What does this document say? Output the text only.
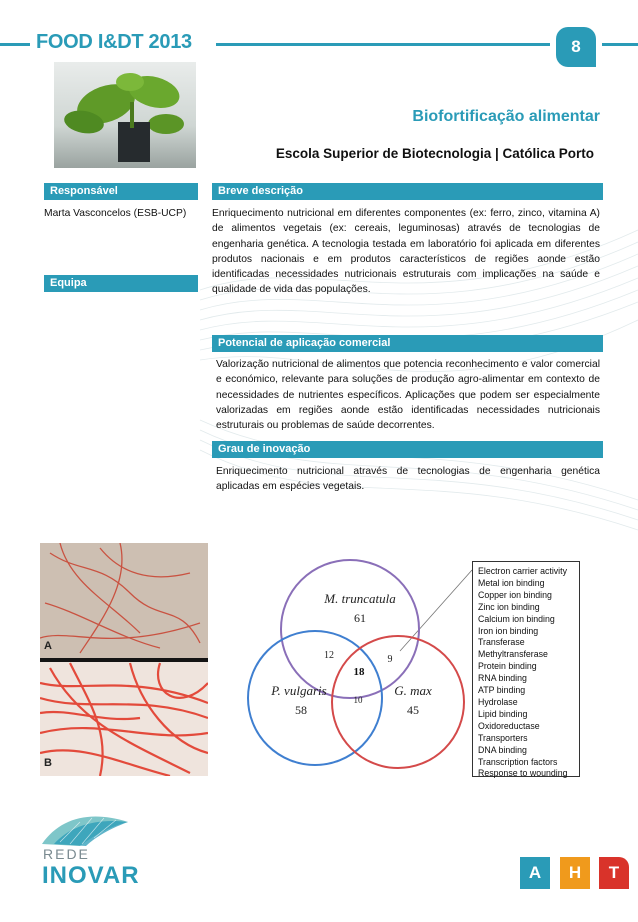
FOOD I&DT 2013	8
Biofortificação alimentar
Escola Superior de Biotecnologia | Católica Porto
Responsável
Marta Vasconcelos (ESB-UCP)
Equipa
Breve descrição
Enriquecimento nutricional em diferentes componentes (ex: ferro, zinco, vitamina A) de alimentos vegetais (ex: cereais, leguminosas) através de tecnologias de engenharia genética. A tecnologia testada em laboratório foi aplicada em diferentes produtos nacionais e em produtos característicos de regiões aonde estão identificadas necessidades nutricionais estruturais com implicações na saúde e qualidade de vida das populações.
Potencial de aplicação comercial
Valorização nutricional de alimentos que potencia reconhecimento e valor comercial e económico, relevante para soluções de produção agro-alimentar em contexto de necessidades de nutrientes específicos. Aplicações que podem ser especialmente valorizadas em regiões aonde estão identificadas necessidades nutricionais estruturais ou problemas de saúde decorrentes.
Grau de inovação
Enriquecimento nutricional através de tecnologias de engenharia genética aplicadas em espécies vegetais.
A
B
M. truncatula
61
P. vulgaris
58
G. max
45
12	9
10
18
Electron carrier activity
Metal ion binding
Copper ion binding
Zinc ion binding
Calcium ion binding
Iron ion binding
Transferase
Methyltransferase
Protein binding
RNA binding
ATP binding
Hydrolase
Lipid binding
Oxidoreductase
Transporters
DNA binding
Transcription factors
Response to wounding
REDE
INOVAR	A H T
